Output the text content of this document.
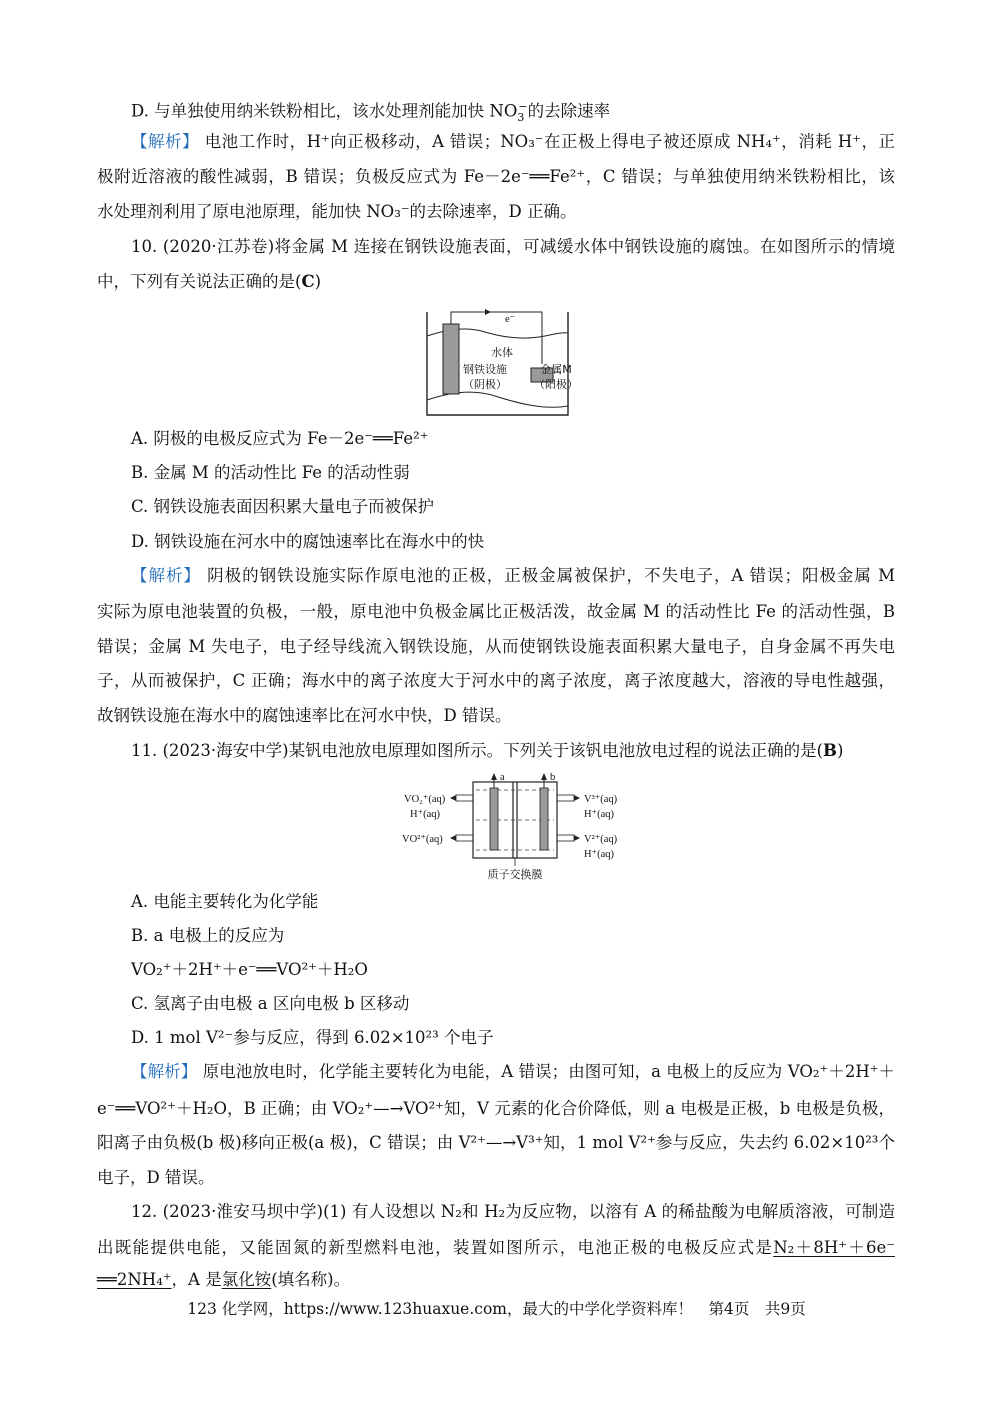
D. 与单独使用纳米铁粉相比，该水处理剂能加快 $NO_3^-$的去除速率
【解析】 电池工作时，H⁺向正极移动，A 错误；NO₃⁻在正极上得电子被还原成 NH₄⁺，消耗 H⁺，正
极附近溶液的酸性减弱，B 错误；负极反应式为 Fe－2e⁻══Fe²⁺，C 错误；与单独使用纳米铁粉相比，该
水处理剂利用了原电池原理，能加快 NO₃⁻的去除速率，D 正确。
10. (2020·江苏卷)将金属 M 连接在钢铁设施表面，可减缓水体中钢铁设施的腐蚀。在如图所示的情境
中，下列有关说法正确的是(C)
e⁻
水体
钢铁设施
（阴极）
金属M
（阳极）
A. 阴极的电极反应式为 Fe－2e⁻══Fe²⁺
B. 金属 M 的活动性比 Fe 的活动性弱
C. 钢铁设施表面因积累大量电子而被保护
D. 钢铁设施在河水中的腐蚀速率比在海水中的快
【解析】 阴极的钢铁设施实际作原电池的正极，正极金属被保护，不失电子，A 错误；阳极金属 M
实际为原电池装置的负极，一般，原电池中负极金属比正极活泼，故金属 M 的活动性比 Fe 的活动性强，B
错误；金属 M 失电子，电子经导线流入钢铁设施，从而使钢铁设施表面积累大量电子，自身金属不再失电
子，从而被保护，C 正确；海水中的离子浓度大于河水中的离子浓度，离子浓度越大，溶液的导电性越强，
故钢铁设施在海水中的腐蚀速率比在河水中快，D 错误。
11. (2023·海安中学)某钒电池放电原理如图所示。下列关于该钒电池放电过程的说法正确的是(B)
a	b
VO₂⁺(aq)
H⁺(aq)
VO²⁺(aq)
V³⁺(aq)
H⁺(aq)
V²⁺(aq)
H⁺(aq)
质子交换膜
A. 电能主要转化为化学能
B. a 电极上的反应为
VO₂⁺＋2H⁺＋e⁻══VO²⁺＋H₂O
C. 氢离子由电极 a 区向电极 b 区移动
D. 1 mol V²⁻参与反应，得到 6.02×10²³ 个电子
【解析】 原电池放电时，化学能主要转化为电能，A 错误；由图可知，a 电极上的反应为 VO₂⁺＋2H⁺＋
e⁻══VO²⁺＋H₂O，B 正确；由 VO₂⁺—→VO²⁺知，V 元素的化合价降低，则 a 电极是正极，b 电极是负极，
阳离子由负极(b 极)移向正极(a 极)，C 错误；由 V²⁺—→V³⁺知，1 mol V²⁺参与反应，失去约 6.02×10²³个
电子，D 错误。
12. (2023·淮安马坝中学)(1) 有人设想以 N₂和 H₂为反应物，以溶有 A 的稀盐酸为电解质溶液，可制造
出既能提供电能，又能固氮的新型燃料电池，装置如图所示，电池正极的电极反应式是N₂＋8H⁺＋6e⁻
══2NH₄⁺，A 是氯化铵(填名称)。
123 化学网，https://www.123huaxue.com，最大的中学化学资料库！　第4页　共9页
